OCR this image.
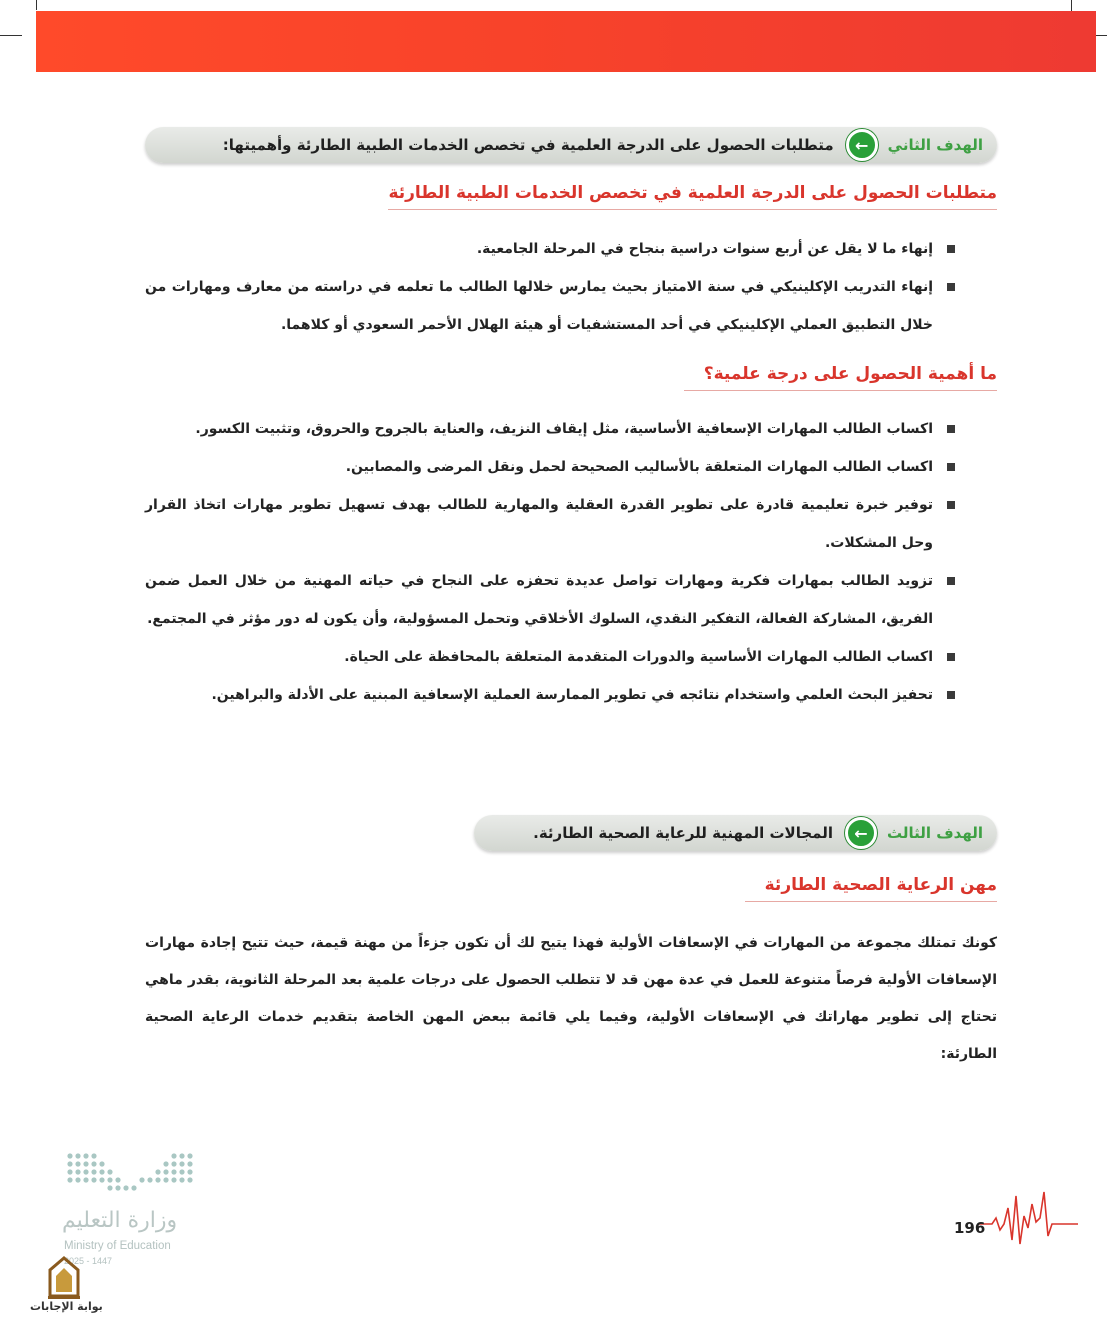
الهدف الثاني
←
متطلبات الحصول على الدرجة العلمية في تخصص الخدمات الطبية الطارئة وأهميتها:
متطلبات الحصول على الدرجة العلمية في تخصص الخدمات الطبية الطارئة
إنهاء ما لا يقل عن أربع سنوات دراسية بنجاح في المرحلة الجامعية.
إنهاء التدريب الإكلينيكي في سنة الامتياز بحيث يمارس خلالها الطالب ما تعلمه في دراسته من معارف ومهارات من خلال التطبيق العملي الإكلينيكي في أحد المستشفيات أو هيئة الهلال الأحمر السعودي أو كلاهما.
ما أهمية الحصول على درجة علمية؟
اكساب الطالب المهارات الإسعافية الأساسية، مثل إيقاف النزيف، والعناية بالجروح والحروق، وتثبيت الكسور.
اكساب الطالب المهارات المتعلقة بالأساليب الصحيحة لحمل ونقل المرضى والمصابين.
توفير خبرة تعليمية قادرة على تطوير القدرة العقلية والمهارية للطالب بهدف تسهيل تطوير مهارات اتخاذ القرار وحل المشكلات.
تزويد الطالب بمهارات فكرية ومهارات تواصل عديدة تحفزه على النجاح في حياته المهنية من خلال العمل ضمن الفريق، المشاركة الفعالة، التفكير النقدي، السلوك الأخلاقي وتحمل المسؤولية، وأن يكون له دور مؤثر في المجتمع.
اكساب الطالب المهارات الأساسية والدورات المتقدمة المتعلقة بالمحافظة على الحياة.
تحفيز البحث العلمي واستخدام نتائجه في تطوير الممارسة العملية الإسعافية المبنية على الأدلة والبراهين.
الهدف الثالث
←
المجالات المهنية للرعاية الصحية الطارئة.
مهن الرعاية الصحية الطارئة

كونك تمتلك مجموعة من المهارات في الإسعافات الأولية فهذا يتيح لك أن تكون جزءاً من مهنة قيمة، حيث تتيح إجادة مهارات الإسعافات الأولية فرصاً متنوعة للعمل في عدة مهن قد لا تتطلب الحصول على درجات علمية بعد المرحلة الثانوية، بقدر ماهي تحتاج إلى تطوير مهاراتك في الإسعافات الأولية، وفيما يلي قائمة ببعض المهن الخاصة بتقديم خدمات الرعاية الصحية الطارئة:

وزارة التعليم
Ministry of Education
2025 - 1447
بوابة الإجابات
196
